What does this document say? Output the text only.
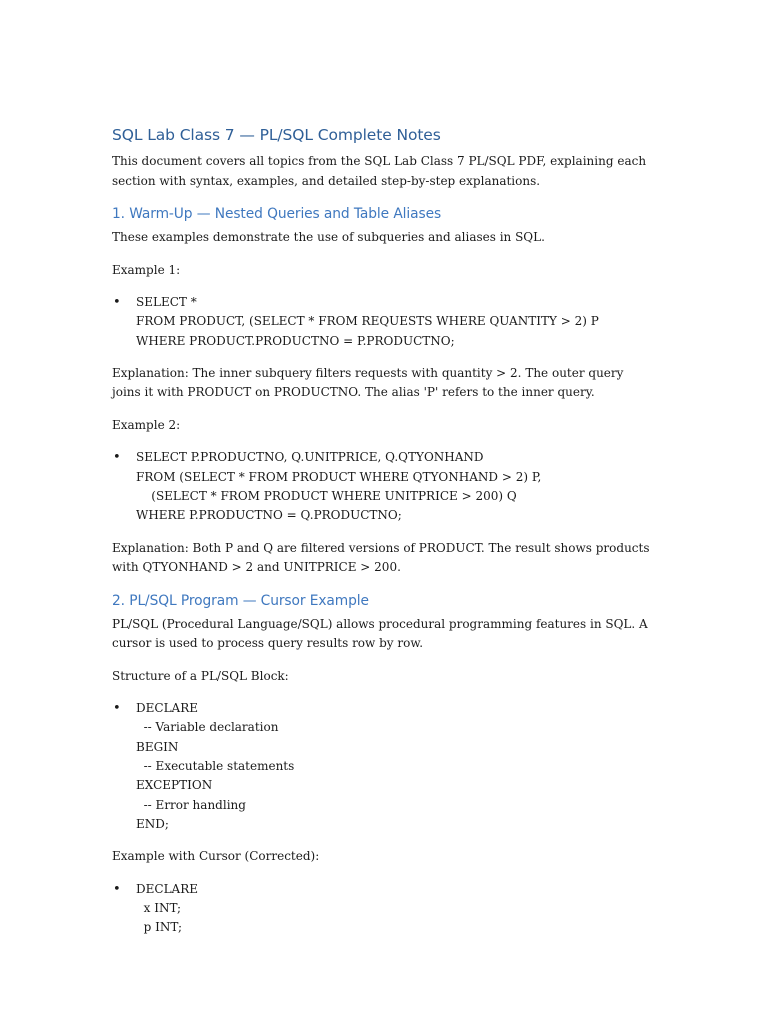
SQL Lab Class 7 — PL/SQL Complete Notes
This document covers all topics from the SQL Lab Class 7 PL/SQL PDF, explaining each section with syntax, examples, and detailed step-by-step explanations.
1. Warm-Up — Nested Queries and Table Aliases
These examples demonstrate the use of subqueries and aliases in SQL.
Example 1:
• SELECT *
FROM PRODUCT, (SELECT * FROM REQUESTS WHERE QUANTITY > 2) P
WHERE PRODUCT.PRODUCTNO = P.PRODUCTNO;
Explanation: The inner subquery filters requests with quantity > 2. The outer query joins it with PRODUCT on PRODUCTNO. The alias 'P' refers to the inner query.
Example 2:
• SELECT P.PRODUCTNO, Q.UNITPRICE, Q.QTYONHAND
FROM (SELECT * FROM PRODUCT WHERE QTYONHAND > 2) P,
(SELECT * FROM PRODUCT WHERE UNITPRICE > 200) Q
WHERE P.PRODUCTNO = Q.PRODUCTNO;
Explanation: Both P and Q are filtered versions of PRODUCT. The result shows products with QTYONHAND > 2 and UNITPRICE > 200.
2. PL/SQL Program — Cursor Example
PL/SQL (Procedural Language/SQL) allows procedural programming features in SQL. A cursor is used to process query results row by row.
Structure of a PL/SQL Block:
• DECLARE
-- Variable declaration
BEGIN
-- Executable statements
EXCEPTION
-- Error handling
END;
Example with Cursor (Corrected):
• DECLARE
x INT;
p INT;
